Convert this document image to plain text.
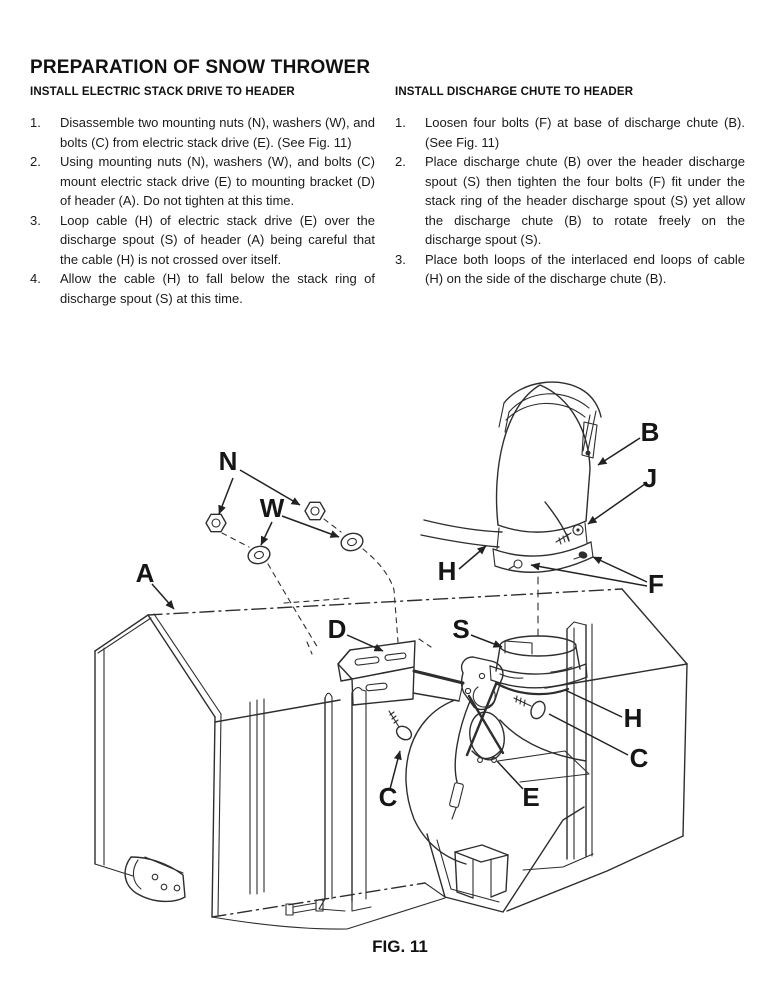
PREPARATION OF SNOW THROWER
INSTALL ELECTRIC STACK DRIVE TO HEADER
1.	Disassemble two mounting nuts (N), washers (W), and bolts (C) from electric stack drive (E). (See Fig. 11)
2.	Using mounting nuts (N), washers (W), and bolts (C) mount electric stack drive (E) to mounting bracket (D) of header (A). Do not tighten at this time.
3.	Loop cable (H) of electric stack drive (E) over the discharge spout (S) of header (A) being careful that the cable (H) is not crossed over itself.
4.	Allow the cable (H) to fall below the stack ring of discharge spout (S) at this time.
INSTALL DISCHARGE CHUTE TO HEADER
1.	Loosen four bolts (F) at base of discharge chute (B). (See Fig. 11)
2.	Place discharge chute (B) over the header discharge spout (S) then tighten the four bolts (F) fit under the stack ring of the header discharge spout (S) yet allow the discharge chute (B) to rotate freely on the discharge spout (S).
3.	Place both loops of the interlaced end loops of cable (H) on the side of the discharge chute (B).
N
W
A
B
J
H	F
D	S
H
C
C	E
FIG. 11
